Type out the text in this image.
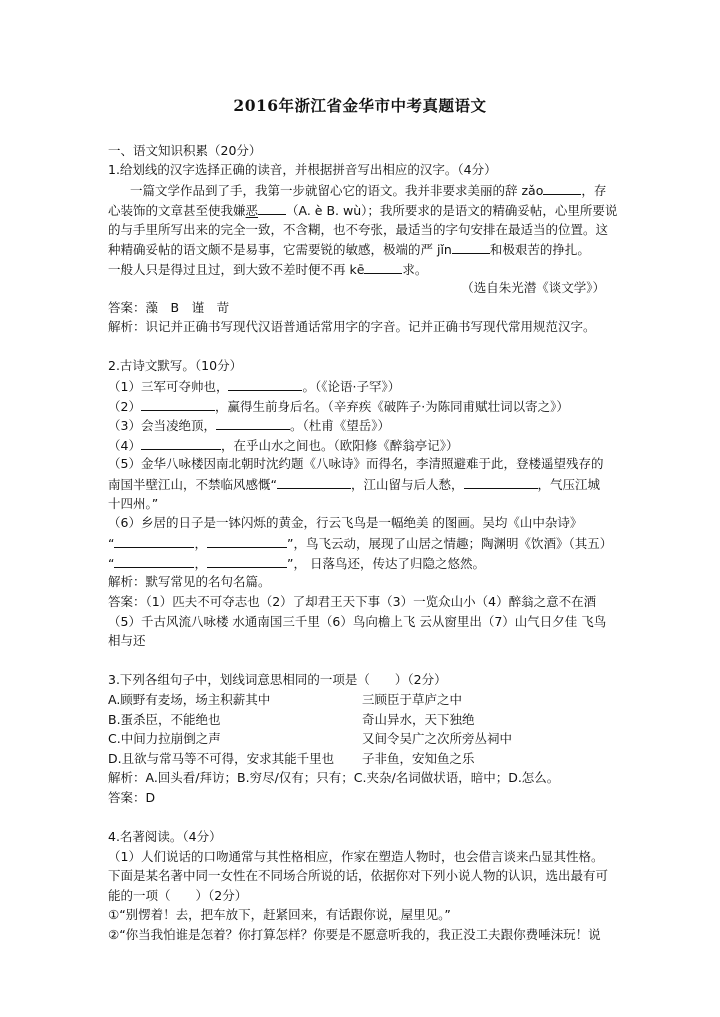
2016年浙江省金华市中考真题语文
一、语文知识积累（20分）
1.给划线的汉字选择正确的读音，并根据拼音写出相应的汉字。（4分）
一篇文学作品到了手，我第一步就留心它的语文。我并非要求美丽的辞 zǎo	，存
心装饰的文章甚至使我嫌恶 （A. è B. wù）；我所要求的是语文的精确妥帖，心里所要说
的与手里所写出来的完全一致，不含糊，也不夸张，最适当的字句安排在最适当的位置。这
种精确妥帖的语文颇不是易事，它需要锐的敏感，极端的严 jǐn	和极艰苦的挣扎。
一般人只是得过且过，到大致不差时便不再 kē	求。
（选自朱光潜《谈文学》）
答案：藻　B　谨　苛
解析：识记并正确书写现代汉语普通话常用字的字音。记并正确书写现代常用规范汉字。
2.古诗文默写。（10分）
（1）三军可夺帅也，	。（《论语·子罕》）
（2）	，赢得生前身后名。（辛弃疾《破阵子·为陈同甫赋壮词以寄之》）
（3）会当凌绝顶，	。（杜甫《望岳》）
（4）	，在乎山水之间也。（欧阳修《醉翁亭记》）
（5）金华八咏楼因南北朝时沈约题《八咏诗》而得名，李清照避难于此，登楼遥望残存的
南国半壁江山，不禁临风感慨“	，江山留与后人愁，	，气压江城
十四州。”
（6）乡居的日子是一钵闪烁的黄金，行云飞鸟是一幅绝美 的图画。吴均《山中杂诗》
“	，	”，鸟飞云动，展现了山居之情趣；陶渊明《饮酒》（其五）
“	，	”， 日落鸟还，传达了归隐之悠然。
解析：默写常见的名句名篇。
答案：（1）匹夫不可夺志也（2）了却君王天下事（3）一览众山小（4）醉翁之意不在酒
（5）千古风流八咏楼 水通南国三千里（6）鸟向檐上飞 云从窗里出（7）山气日夕佳 飞鸟
相与还
3.下列各组句子中，划线词意思相同的一项是（　　）（2分）
A.顾野有麦场，场主积薪其中	三顾臣于草庐之中
B.蛋杀臣，不能绝也	奇山异水，天下独绝
C.中间力拉崩倒之声	又间令吴广之次所旁丛祠中
D.且欲与常马等不可得，安求其能千里也 子非鱼，安知鱼之乐
解析：A.回头看/拜访；B.穷尽/仅有；只有；C.夹杂/名词做状语，暗中；D.怎么。
答案：D
4.名著阅读。（4分）
（1）人们说话的口吻通常与其性格相应，作家在塑造人物时，也会借言谈来凸显其性格。
下面是某名著中同一女性在不同场合所说的话，依据你对下列小说人物的认识，选出最有可
能的一项（　　）（2分）
①“别愣着！去，把车放下，赶紧回来，有话跟你说，屋里见。”
②“你当我怕谁是怎着？你打算怎样？你要是不愿意听我的，我正没工夫跟你费唾沫玩！说
